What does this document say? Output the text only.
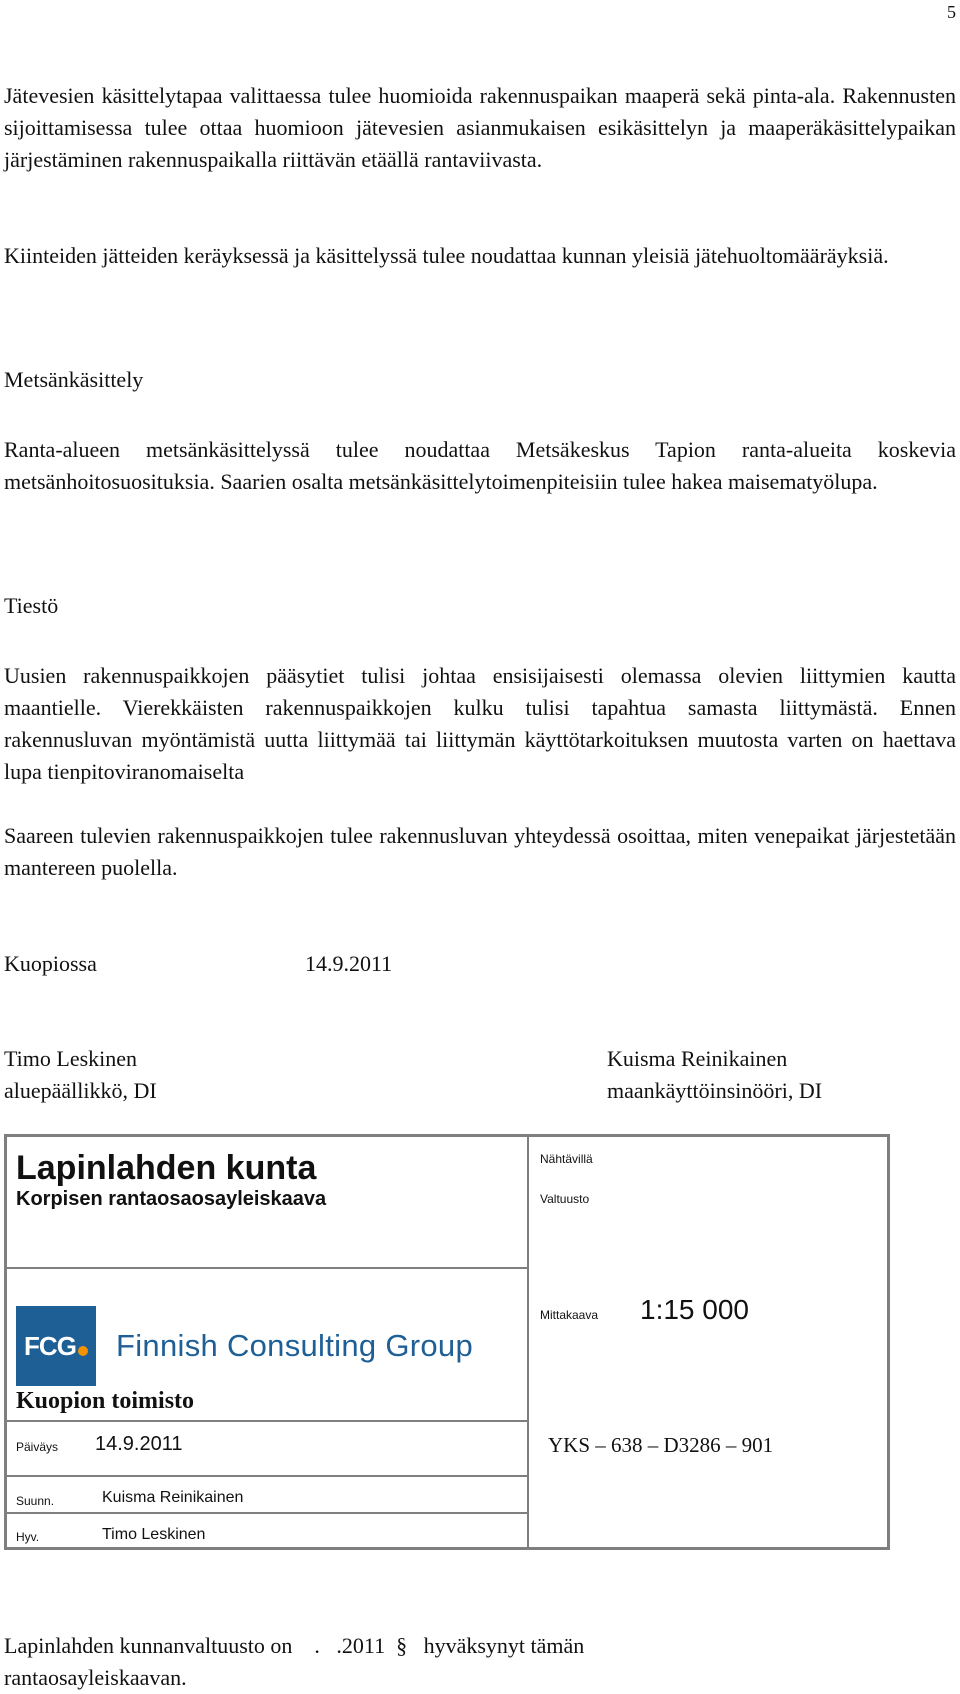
5
Jätevesien käsittelytapaa valittaessa tulee huomioida rakennuspaikan maaperä sekä pinta-ala. Rakennusten sijoittamisessa tulee ottaa huomioon jätevesien asianmukaisen esikäsittelyn ja maaperäkäsittelypaikan järjestäminen rakennuspaikalla riittävän etäällä rantaviivasta.
Kiinteiden jätteiden keräyksessä ja käsittelyssä tulee noudattaa kunnan yleisiä jätehuoltomääräyksiä.
Metsänkäsittely
Ranta-alueen metsänkäsittelyssä tulee noudattaa Metsäkeskus Tapion ranta-alueita koskevia metsänhoitosuosituksia. Saarien osalta metsänkäsittelytoimenpiteisiin tulee hakea maisematyölupa.
Tiestö
Uusien rakennuspaikkojen pääsytiet tulisi johtaa ensisijaisesti olemassa olevien liittymien kautta maantielle. Vierekkäisten rakennuspaikkojen kulku tulisi tapahtua samasta liittymästä. Ennen rakennusluvan myöntämistä uutta liittymää tai liittymän käyttötarkoituksen muutosta varten on haettava lupa tienpitoviranomaiselta
Saareen tulevien rakennuspaikkojen tulee rakennusluvan yhteydessä osoittaa, miten venepaikat järjestetään mantereen puolella.
Kuopiossa	14.9.2011
Timo Leskinen
aluepäällikkö, DI
Kuisma Reinikainen
maankäyttöinsinööri, DI
Lapinlahden kunta
Korpisen rantaosaosayleiskaava
Nähtävillä
Valtuusto
FCG Finnish Consulting Group
Kuopion toimisto
Mittakaava 1:15 000
Päiväys 14.9.2011	YKS – 638 – D3286 – 901
Suunn.	Kuisma Reinikainen
Hyv.	Timo Leskinen
Lapinlahden kunnanvaltuusto on    .   .2011  §   hyväksynyt tämän
rantaosayleiskaavan.
